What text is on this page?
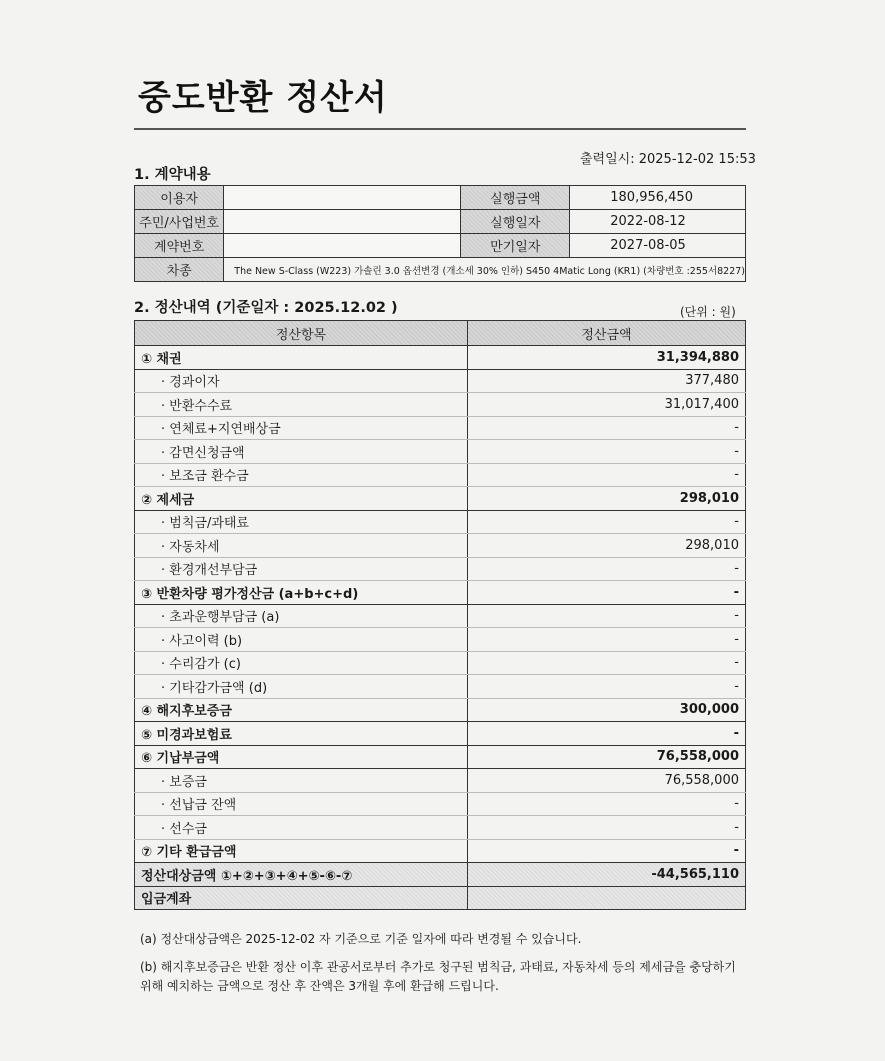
중도반환 정산서
출력일시: 2025-12-02 15:53
1. 계약내용
이용자		실행금액	180,956,450
주민/사업번호		실행일자	2022-08-12
계약번호		만기일자	2027-08-05
차종	The New S-Class (W223) 가솔린 3.0 옵션변경 (개소세 30% 인하) S450 4Matic Long (KR1) (차량번호 :255서8227)		
2. 정산내역 (기준일자 : 2025.12.02 )	(단위 : 원)
정산항목	정산금액
① 채권	31,394,880
· 경과이자	377,480
· 반환수수료	31,017,400
· 연체료+지연배상금	-
· 감면신청금액	-
· 보조금 환수금	-
② 제세금	298,010
· 범칙금/과태료	-
· 자동차세	298,010
· 환경개선부담금	-
③ 반환차량 평가정산금 (a+b+c+d)	-
· 초과운행부담금 (a)	-
· 사고이력 (b)	-
· 수리감가 (c)	-
· 기타감가금액 (d)	-
④ 해지후보증금	300,000
⑤ 미경과보험료	-
⑥ 기납부금액	76,558,000
· 보증금	76,558,000
· 선납금 잔액	-
· 선수금	-
⑦ 기타 환급금액	-
정산대상금액 ①+②+③+④+⑤-⑥-⑦	-44,565,110
입금계좌	
(a) 정산대상금액은 2025-12-02 자 기준으로 기준 일자에 따라 변경될 수 있습니다.
(b) 해지후보증금은 반환 정산 이후 관공서로부터 추가로 청구된 범칙금, 과태료, 자동차세 등의 제세금을 충당하기 위해 예치하는 금액으로 정산 후 잔액은 3개월 후에 환급해 드립니다.
